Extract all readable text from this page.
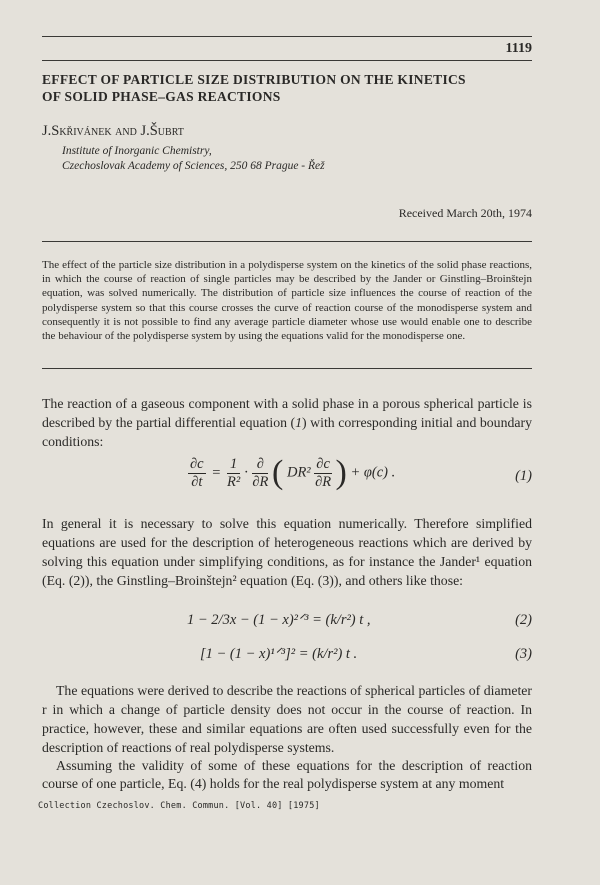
1119
EFFECT OF PARTICLE SIZE DISTRIBUTION ON THE KINETICS
OF SOLID PHASE–GAS REACTIONS
J.Skřivánek and J.Šubrt
Institute of Inorganic Chemistry,
Czechoslovak Academy of Sciences, 250 68 Prague - Řež
Received March 20th, 1974

The effect of the particle size distribution in a polydisperse system on the kinetics of the solid phase reactions, in which the course of reaction of single particles may be described by the Jander or Ginstling–Broinštejn equation, was solved numerically. The distribution of particle size influences the course of reaction of the polydisperse system so that this course crosses the curve of reaction course of the monodisperse system and consequently it is not possible to find any average particle diameter whose use would enable one to describe the behaviour of the polydisperse system by using the equations valid for the monodisperse one.

The reaction of a gaseous component with a solid phase in a porous spherical particle is described by the partial differential equation (1) with corresponding initial and boundary conditions:

$\frac{\partial c}{\partial t} = \frac{1}{\text{R²}} \cdot \frac{\partial}{\partial R}$ ( $DR^2 \frac{\partial c}{\partial R}$ ) + φ(c) .	(1)

In general it is necessary to solve this equation numerically. Therefore simplified equations are used for the description of heterogeneous reactions which are derived by solving this equation under simplifying conditions, as for instance the Jander¹ equation (Eq. (2)), the Ginstling–Broinštejn² equation (Eq. (3)), and others like those:

1 − 2/3x − (1 − x)²ᐟ³ = (k/r²) t ,	(2)
[1 − (1 − x)¹ᐟ³]² = (k/r²) t .	(3)

The equations were derived to describe the reactions of spherical particles of diameter r in which a change of particle density does not occur in the course of reaction. In practice, however, these and similar equations are often used successfully even for the description of reactions of real polydisperse systems.

Assuming the validity of some of these equations for the description of reaction course of one particle, Eq. (4) holds for the real polydisperse system at any moment

Collection Czechoslov. Chem. Commun. [Vol. 40] [1975]
